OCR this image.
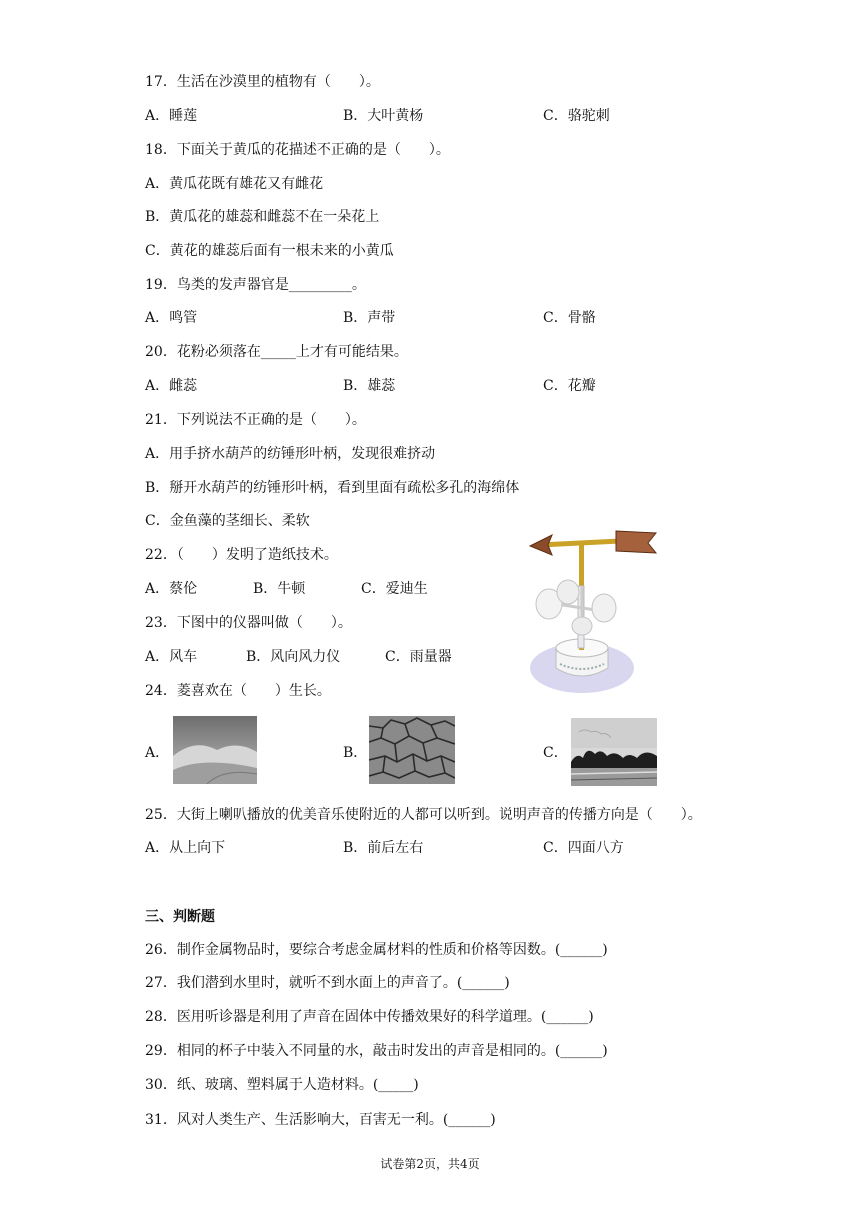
17．生活在沙漠里的植物有（　　）。
A．睡莲	B．大叶黄杨	C．骆驼刺
18．下面关于黄瓜的花描述不正确的是（　　）。
A．黄瓜花既有雄花又有雌花
B．黄瓜花的雄蕊和雌蕊不在一朵花上
C．黄花的雄蕊后面有一根未来的小黄瓜
19．鸟类的发声器官是_________。
A．鸣管	B．声带	C．骨骼
20．花粉必须落在_____上才有可能结果。
A．雌蕊	B．雄蕊	C．花瓣
21．下列说法不正确的是（　　）。
A．用手挤水葫芦的纺锤形叶柄，发现很难挤动
B．掰开水葫芦的纺锤形叶柄，看到里面有疏松多孔的海绵体
C．金鱼藻的茎细长、柔软
22．（　　）发明了造纸技术。
A．蔡伦	B．牛顿	C．爱迪生
23．下图中的仪器叫做（　　）。
A．风车	B．风向风力仪	C．雨量器
24．菱喜欢在（　　）生长。
A．	B．	C．
25．大街上喇叭播放的优美音乐使附近的人都可以听到。说明声音的传播方向是（　　）。
A．从上向下	B．前后左右	C．四面八方
三、判断题
26．制作金属物品时，要综合考虑金属材料的性质和价格等因数。(______)
27．我们潜到水里时，就听不到水面上的声音了。(______)
28．医用听诊器是利用了声音在固体中传播效果好的科学道理。(______)
29．相同的杯子中装入不同量的水，敲击时发出的声音是相同的。(______)
30．纸、玻璃、塑料属于人造材料。(_____)
31．风对人类生产、生活影响大，百害无一利。(______)
试卷第2页，共4页
